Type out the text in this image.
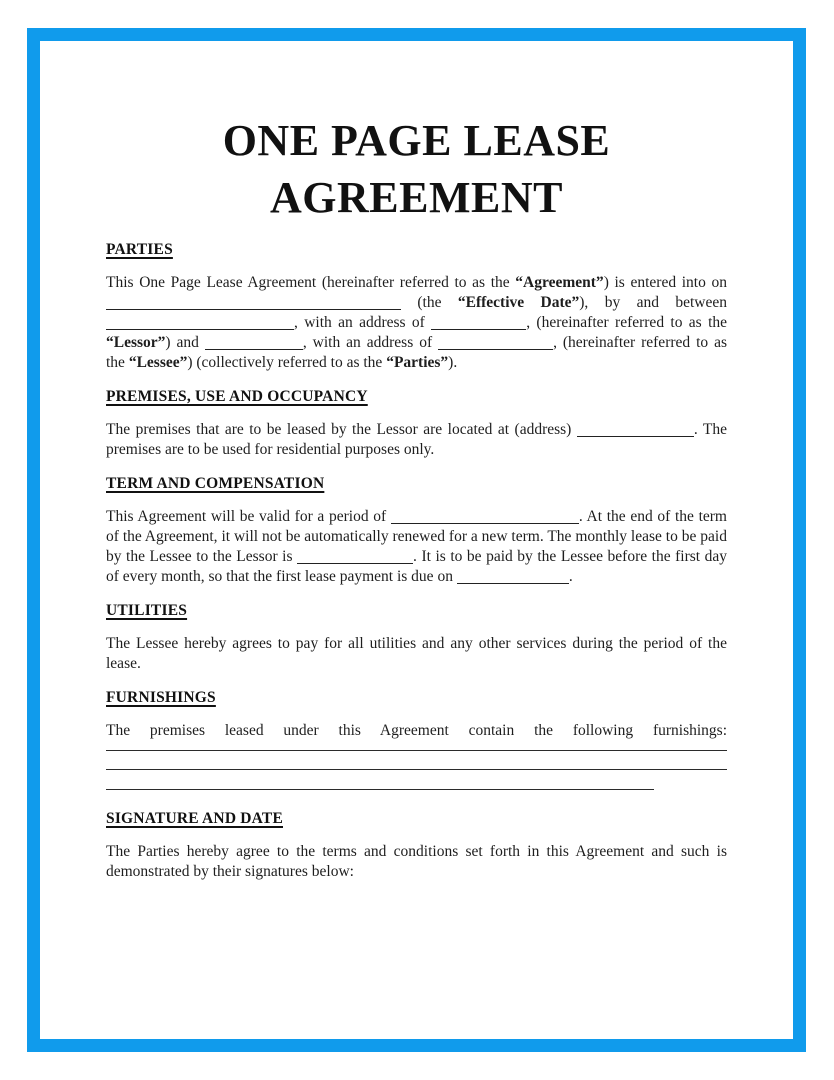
ONE PAGE LEASE
AGREEMENT
PARTIES

This One Page Lease Agreement (hereinafter referred to as the “Agreement”) is entered into on  (the “Effective Date”), by and between , with an address of	, (hereinafter referred to as the “Lessor”) and	, with an address of	, (hereinafter referred to as the “Lessee”) (collectively referred to as the “Parties”).

PREMISES, USE AND OCCUPANCY

The premises that are to be leased by the Lessor are located at (address)	. The premises are to be used for residential purposes only.

TERM AND COMPENSATION

This Agreement will be valid for a period of	. At the end of the term of the Agreement, it will not be automatically renewed for a new term. The monthly lease to be paid by the Lessee to the Lessor is	. It is to be paid by the Lessee before the first day of every month, so that the first lease payment is due on	.

UTILITIES

The Lessee hereby agrees to pay for all utilities and any other services during the period of the lease.

FURNISHINGS

The premises leased under this Agreement contain the following furnishings:

SIGNATURE AND DATE

The Parties hereby agree to the terms and conditions set forth in this Agreement and such is demonstrated by their signatures below:
